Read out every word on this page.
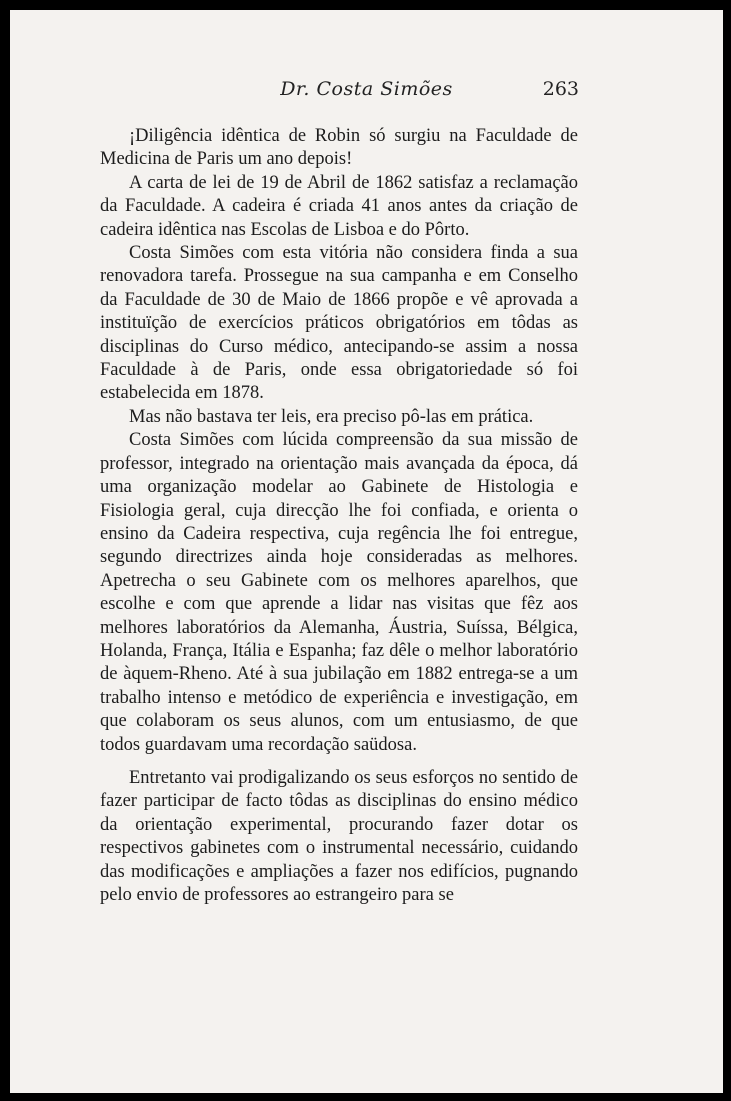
Dr. Costa Simões	263

¡Diligência idêntica de Robin só surgiu na Faculdade de Medicina de Paris um ano depois!

A carta de lei de 19 de Abril de 1862 satisfaz a reclamação da Faculdade. A cadeira é criada 41 anos antes da criação de cadeira idêntica nas Escolas de Lisboa e do Pôrto.

Costa Simões com esta vitória não considera finda a sua renovadora tarefa. Prossegue na sua campanha e em Conselho da Faculdade de 30 de Maio de 1866 propõe e vê aprovada a instituïção de exercícios práticos obrigatórios em tôdas as disciplinas do Curso médico, antecipando-se assim a nossa Faculdade à de Paris, onde essa obrigatoriedade só foi estabelecida em 1878.

Mas não bastava ter leis, era preciso pô-las em prática.

Costa Simões com lúcida compreensão da sua missão de professor, integrado na orientação mais avançada da época, dá uma organização modelar ao Gabinete de Histologia e Fisiologia geral, cuja direcção lhe foi confiada, e orienta o ensino da Cadeira respectiva, cuja regência lhe foi entregue, segundo directrizes ainda hoje consideradas as melhores. Apetrecha o seu Gabinete com os melhores aparelhos, que escolhe e com que aprende a lidar nas visitas que fêz aos melhores laboratórios da Alemanha, Áustria, Suíssa, Bélgica, Holanda, França, Itália e Espanha; faz dêle o melhor laboratório de àquem-Rheno. Até à sua jubilação em 1882 entrega-se a um trabalho intenso e metódico de experiência e investigação, em que colaboram os seus alunos, com um entusiasmo, de que todos guardavam uma recordação saüdosa.

Entretanto vai prodigalizando os seus esforços no sentido de fazer participar de facto tôdas as disciplinas do ensino médico da orientação experimental, procurando fazer dotar os respectivos gabinetes com o instrumental necessário, cuidando das modificações e ampliações a fazer nos edifícios, pugnando pelo envio de professores ao estrangeiro para se
